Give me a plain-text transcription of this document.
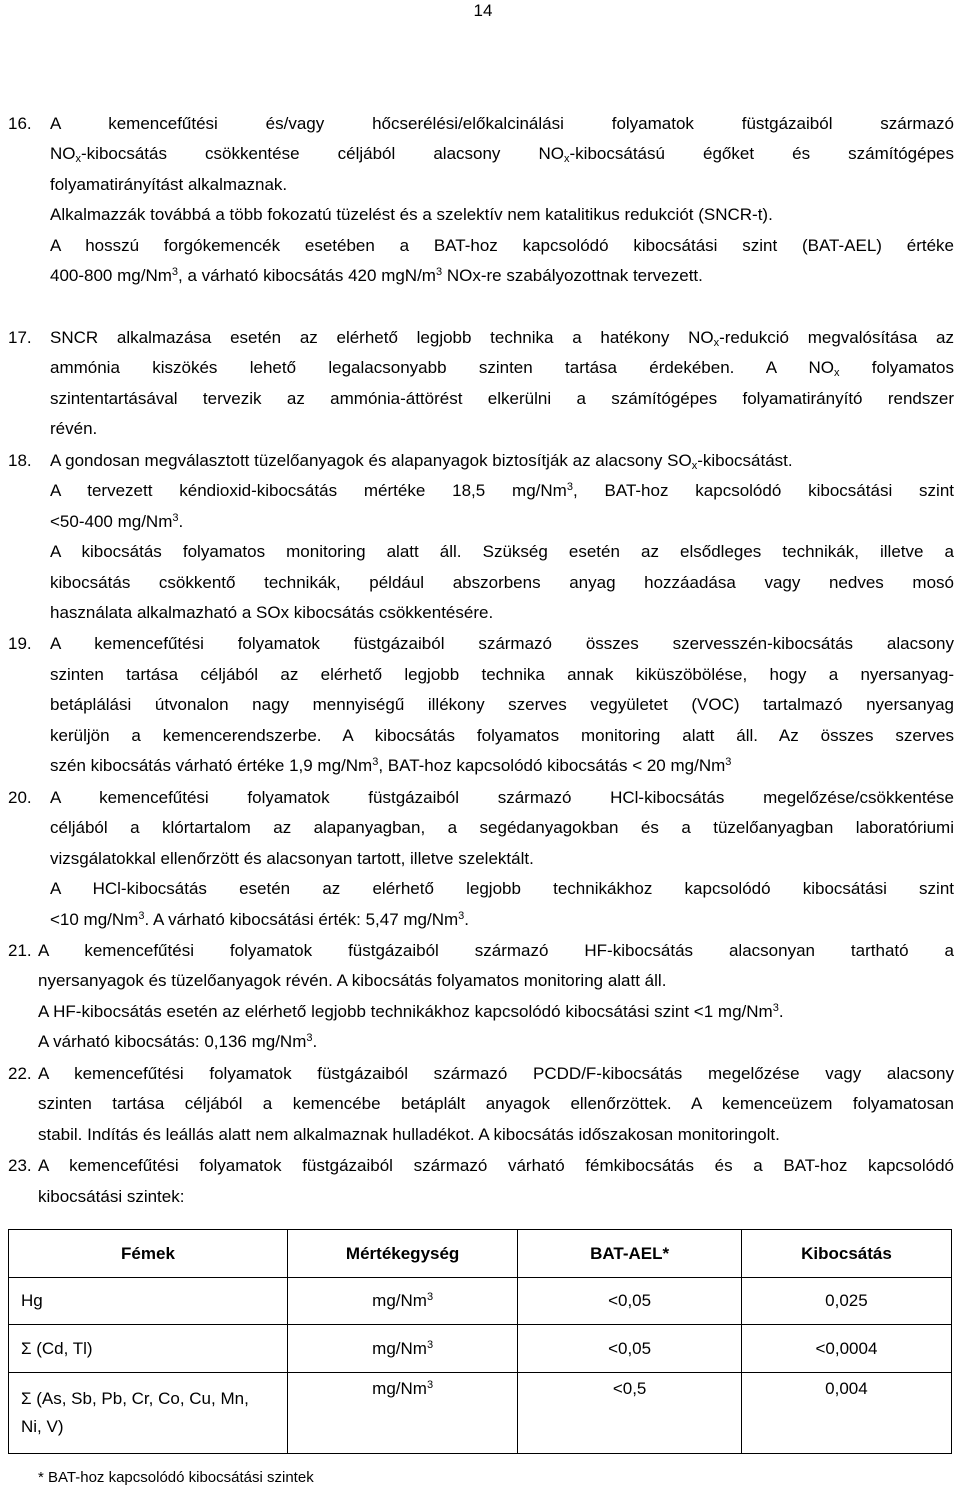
14
16. A kemencefűtési és/vagy hőcserélési/előkalcinálási folyamatok füstgázaiból származó
$NO_x$-kibocsátás csökkentése céljából alacsony $NO_x$-kibocsátású égőket és számítógépes
folyamatirányítást alkalmaznak.
Alkalmazzák továbbá a több fokozatú tüzelést és a szelektív nem katalitikus redukciót (SNCR-t).
A hosszú forgókemencék esetében a BAT-hoz kapcsolódó kibocsátási szint (BAT-AEL) értéke
400-800 mg/Nm$^3$, a várható kibocsátás 420 mgN/$m^3$ NOx-re szabályozottnak tervezett.
17. SNCR alkalmazása esetén az elérhető legjobb technika a hatékony $NO_x$-redukció megvalósítása az
ammónia kiszökés lehető legalacsonyabb szinten tartása érdekében. A $NO_x$ folyamatos
szintentartásával tervezik az ammónia-áttörést elkerülni a számítógépes folyamatirányító rendszer
révén.
18. A gondosan megválasztott tüzelőanyagok és alapanyagok biztosítják az alacsony $SO_x$-kibocsátást.
A tervezett kéndioxid-kibocsátás mértéke 18,5 mg/Nm$^3$, BAT-hoz kapcsolódó kibocsátási szint
<50-400 mg/Nm$^3$.
A kibocsátás folyamatos monitoring alatt áll. Szükség esetén az elsődleges technikák, illetve a
kibocsátás csökkentő technikák, például abszorbens anyag hozzáadása vagy nedves mosó
használata alkalmazható a SOx kibocsátás csökkentésére.
19. A kemencefűtési folyamatok füstgázaiból származó összes szervesszén-kibocsátás alacsony
szinten tartása céljából az elérhető legjobb technika annak kiküszöbölése, hogy a nyersanyag-
betáplálási útvonalon nagy mennyiségű illékony szerves vegyületet (VOC) tartalmazó nyersanyag
kerüljön a kemencerendszerbe. A kibocsátás folyamatos monitoring alatt áll. Az összes szerves
szén kibocsátás várható értéke 1,9 mg/Nm$^3$, BAT-hoz kapcsolódó kibocsátás < 20 mg/Nm$^3$
20. A kemencefűtési folyamatok füstgázaiból származó HCl-kibocsátás megelőzése/csökkentése
céljából a klórtartalom az alapanyagban, a segédanyagokban és a tüzelőanyagban laboratóriumi
vizsgálatokkal ellenőrzött és alacsonyan tartott, illetve szelektált.
A HCl-kibocsátás esetén az elérhető legjobb technikákhoz kapcsolódó kibocsátási szint
<10 mg/Nm$^3$. A várható kibocsátási érték: 5,47 mg/Nm$^3$.
21. A kemencefűtési folyamatok füstgázaiból származó HF-kibocsátás alacsonyan tartható a
nyersanyagok és tüzelőanyagok révén. A kibocsátás folyamatos monitoring alatt áll.
A HF-kibocsátás esetén az elérhető legjobb technikákhoz kapcsolódó kibocsátási szint <1 mg/Nm$^3$.
A várható kibocsátás: 0,136 mg/Nm$^3$.
22. A kemencefűtési folyamatok füstgázaiból származó PCDD/F-kibocsátás megelőzése vagy alacsony
szinten tartása céljából a kemencébe betáplált anyagok ellenőrzöttek. A kemenceüzem folyamatosan
stabil. Indítás és leállás alatt nem alkalmaznak hulladékot. A kibocsátás időszakosan monitoringolt.
23. A kemencefűtési folyamatok füstgázaiból származó várható fémkibocsátás és a BAT-hoz kapcsolódó
kibocsátási szintek:
Fémek	Mértékegység	BAT-AEL*	Kibocsátás
Hg	$mg/Nm^3$	<0,05	0,025
Σ (Cd, Tl)	$mg/Nm^3$	<0,05	<0,0004
Σ (As, Sb, Pb, Cr, Co, Cu, Mn,
Ni, V)	$mg/Nm^3$	<0,5	0,004
* BAT-hoz kapcsolódó kibocsátási szintek
